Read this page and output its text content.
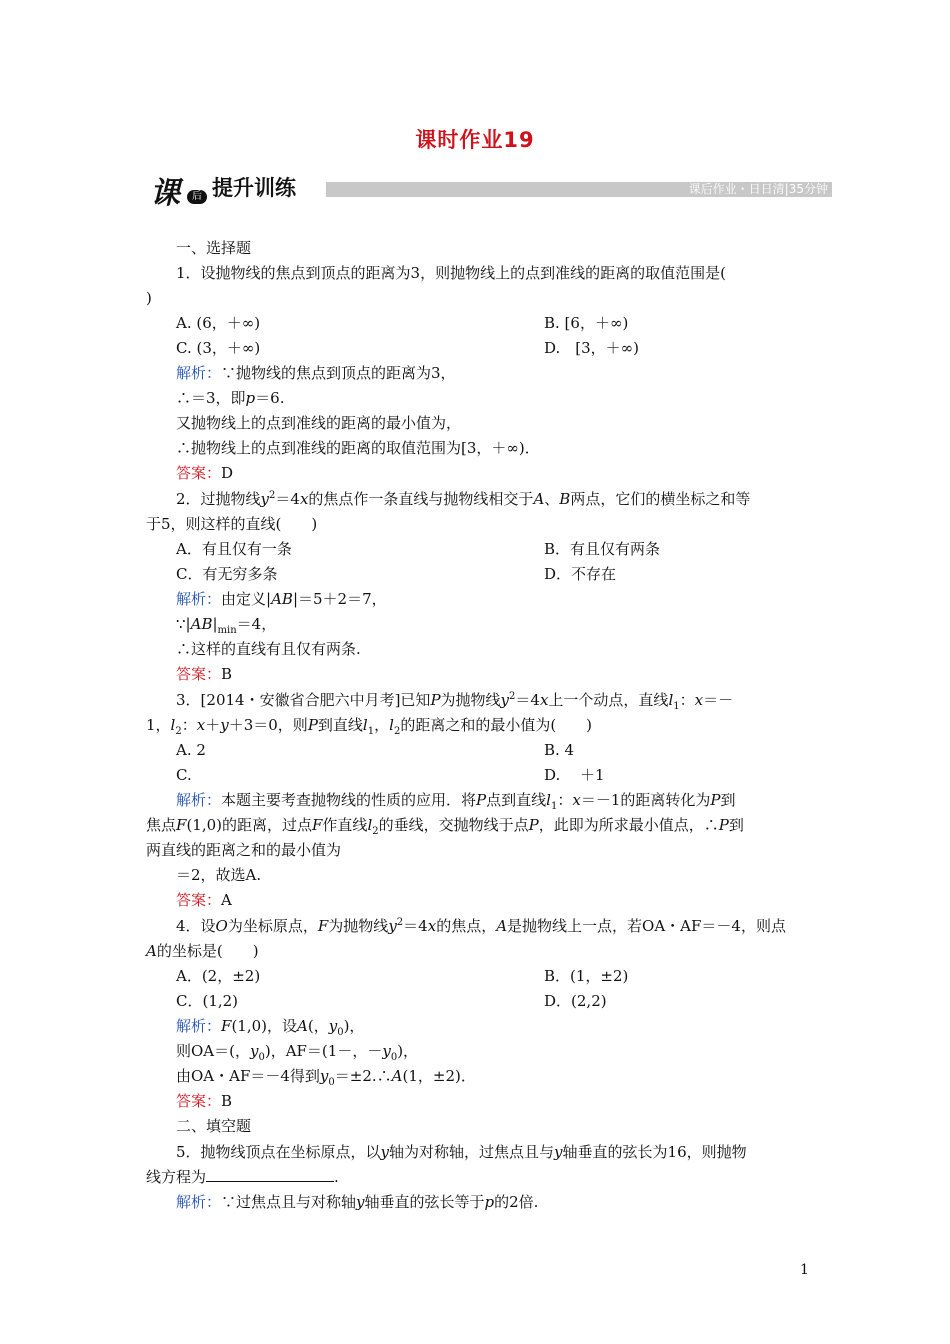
课时作业19
课	后 提升训练	课后作业・日日清|35分钟
一、选择题
1．设抛物线的焦点到顶点的距离为3，则抛物线上的点到准线的距离的取值范围是(
)
A. (6，＋∞)	B. [6，＋∞)
C. (3，＋∞)	D.　[3，＋∞)
解析：∵抛物线的焦点到顶点的距离为3，
∴＝3，即p＝6.
又抛物线上的点到准线的距离的最小值为，
∴抛物线上的点到准线的距离的取值范围为[3，＋∞)．
答案：D
2．过抛物线$y^2=4x$的焦点作一条直线与抛物线相交于A、B两点，它们的横坐标之和等
于5，则这样的直线(　　)
A．有且仅有一条	B．有且仅有两条
C．有无穷多条	D．不存在
解析：由定义|AB|＝5＋2＝7，
$\because|AB|_{min}=4$，
∴这样的直线有且仅有两条.
答案：B
3．[2014・安徽省合肥六中月考]已知P为抛物线$y^2=4x$上一个动点，直线$l_1$：x＝－
1，$l_2$：x＋y＋3＝0，则P到直线$l_1$，$l_2$的距离之和的最小值为(　　)
A. 2	B. 4
C.	D.　 ＋1
解析：本题主要考查抛物线的性质的应用．将P点到直线$l_1$：x＝－1的距离转化为P到
焦点F(1,0)的距离，过点F作直线$l_2$的垂线，交抛物线于点P，此即为所求最小值点，∴P到
两直线的距离之和的最小值为
＝2，故选A.
答案：A
4．设O为坐标原点，F为抛物线$y^2=4x$的焦点，A是抛物线上一点，若OA・AF＝－4，则点
A的坐标是(　　)
A．(2，±2)	B．(1，±2)
C．(1,2)	D．(2,2)
解析：F(1,0)，设A(，$y_0$)，
则OA＝(，$y_0$)，AF＝(1－，$-y_0$)，
由OA・AF＝－4得到$y_0=\pm 2.\therefore A(1$，±2)．
答案：B
二、填空题
5．抛物线顶点在坐标原点，以y轴为对称轴，过焦点且与y轴垂直的弦长为16，则抛物
线方程为	.
解析：∵过焦点且与对称轴y轴垂直的弦长等于p的2倍.
1
